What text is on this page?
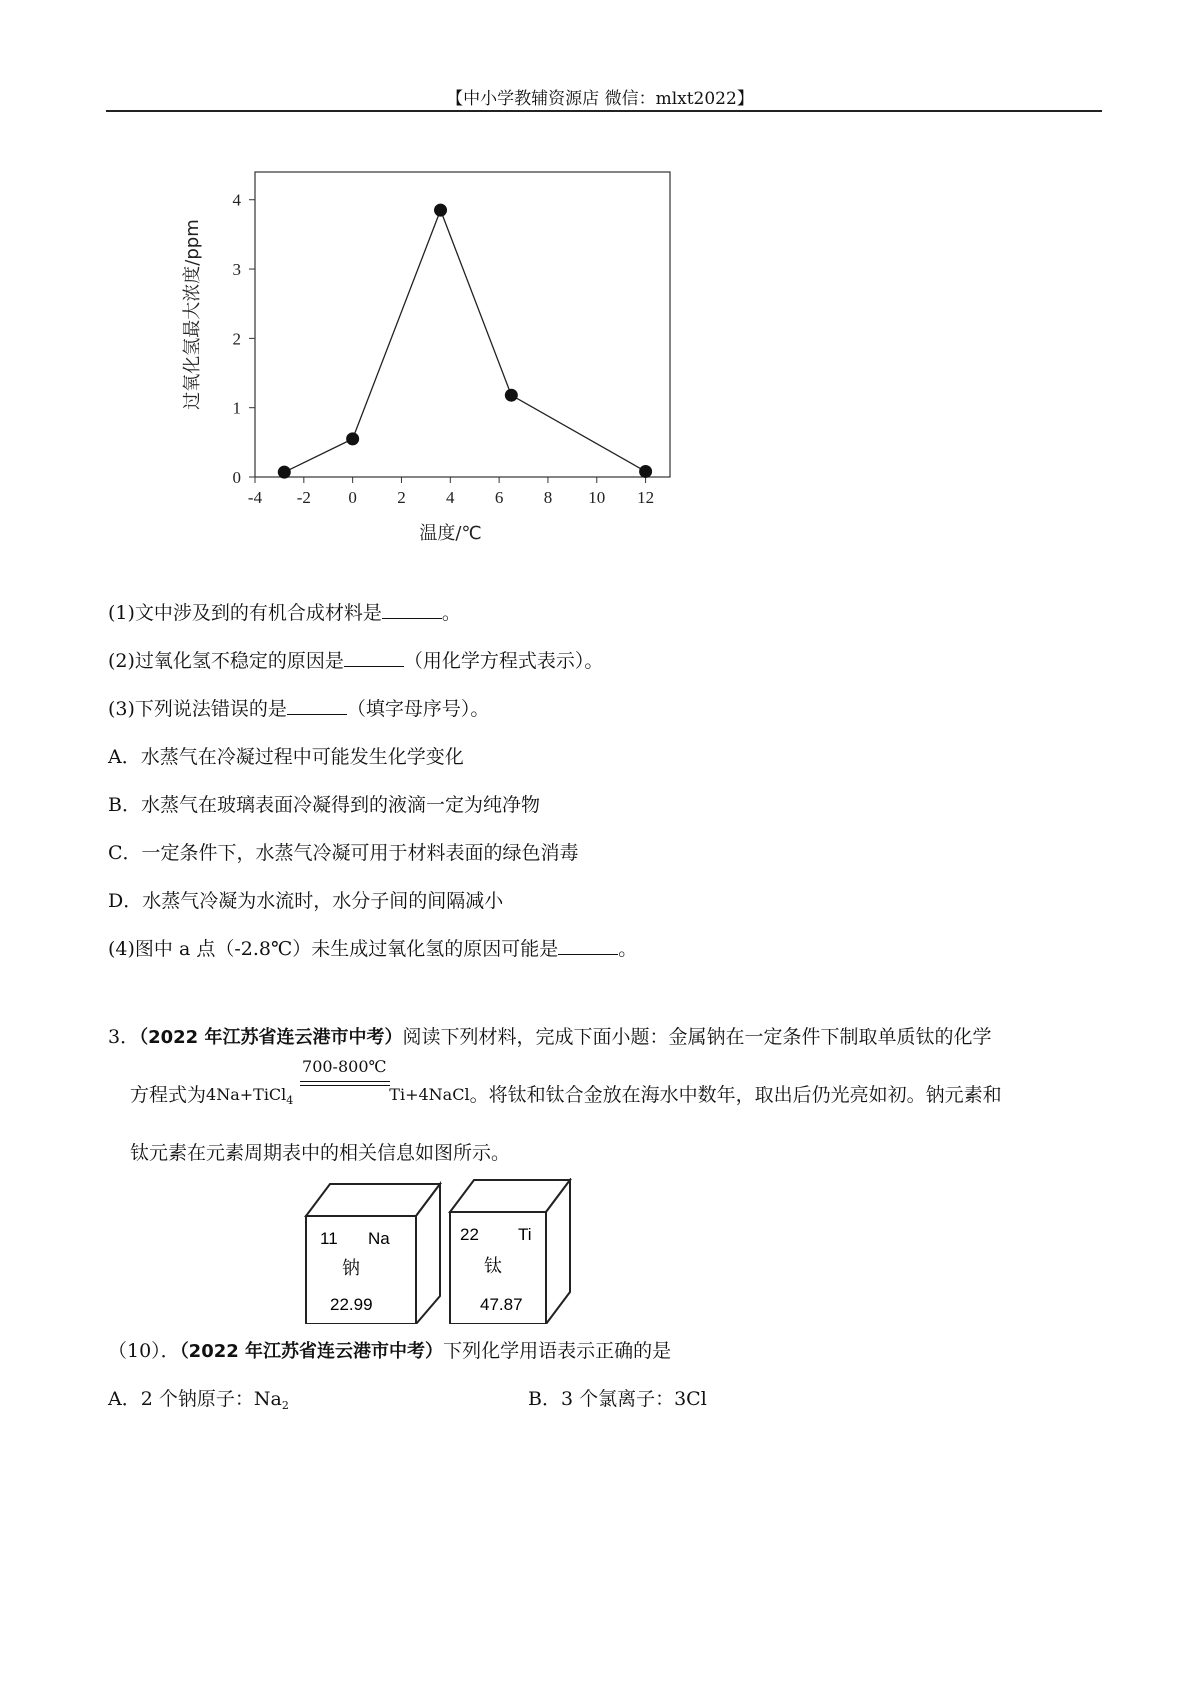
【中小学教辅资源店 微信：mlxt2022】
-4 -2 0 2 4 6 8 10 12
0
1
2
3
4
温度/℃
过氧化氢最大浓度/ppm
(1)文中涉及到的有机合成材料是	。
(2)过氧化氢不稳定的原因是	（用化学方程式表示）。
(3)下列说法错误的是	（填字母序号）。
A．水蒸气在冷凝过程中可能发生化学变化
B．水蒸气在玻璃表面冷凝得到的液滴一定为纯净物
C．一定条件下，水蒸气冷凝可用于材料表面的绿色消毒
D．水蒸气冷凝为水流时，水分子间的间隔减小
(4)图中 a 点（-2.8℃）未生成过氧化氢的原因可能是	。
3．（2022 年江苏省连云港市中考）阅读下列材料，完成下面小题：金属钠在一定条件下制取单质钛的化学
方程式为4Na+TiCl$_4$
700-800℃
Ti+4NaCl。将钛和钛合金放在海水中数年，取出后仍光亮如初。钠元素和
钛元素在元素周期表中的相关信息如图所示。
11 Na
钠
22.99
22 Ti
钛
47.87
（10）．（2022 年江苏省连云港市中考）下列化学用语表示正确的是
A．2 个钠原子：$Na_2$	B．3 个氯离子：3Cl
